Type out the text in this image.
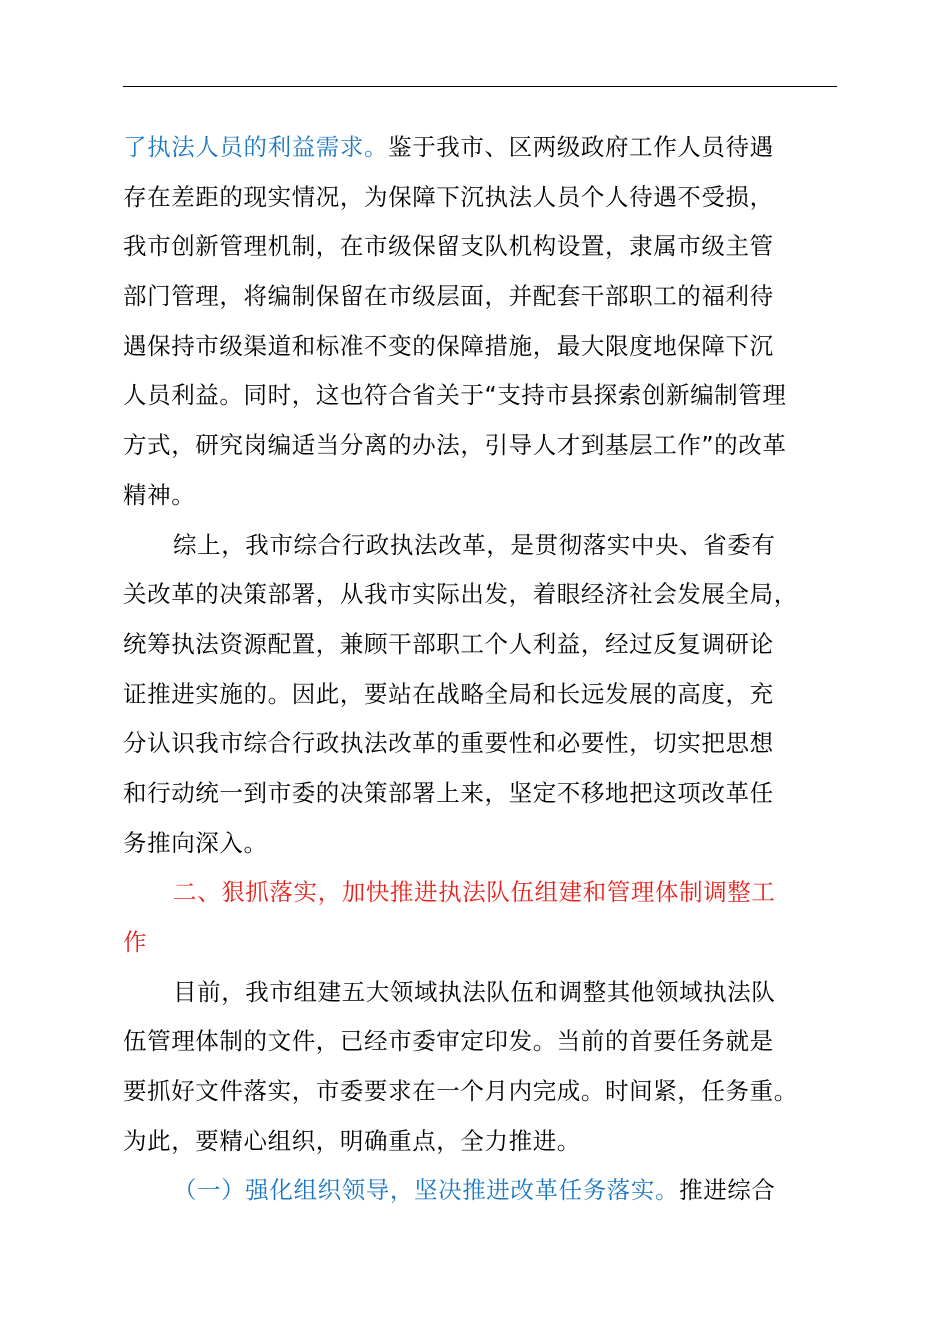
了执法人员的利益需求。鉴于我市、区两级政府工作人员待遇
存在差距的现实情况，为保障下沉执法人员个人待遇不受损，
我市创新管理机制，在市级保留支队机构设置，隶属市级主管
部门管理，将编制保留在市级层面，并配套干部职工的福利待
遇保持市级渠道和标准不变的保障措施，最大限度地保障下沉
人员利益。同时，这也符合省关于“支持市县探索创新编制管理
方式，研究岗编适当分离的办法，引导人才到基层工作”的改革
精神。
综上，我市综合行政执法改革，是贯彻落实中央、省委有
关改革的决策部署，从我市实际出发，着眼经济社会发展全局，
统筹执法资源配置，兼顾干部职工个人利益，经过反复调研论
证推进实施的。因此，要站在战略全局和长远发展的高度，充
分认识我市综合行政执法改革的重要性和必要性，切实把思想
和行动统一到市委的决策部署上来，坚定不移地把这项改革任
务推向深入。
二、狠抓落实，加快推进执法队伍组建和管理体制调整工
作
目前，我市组建五大领域执法队伍和调整其他领域执法队
伍管理体制的文件，已经市委审定印发。当前的首要任务就是
要抓好文件落实，市委要求在一个月内完成。时间紧，任务重。
为此，要精心组织，明确重点，全力推进。
（一）强化组织领导，坚决推进改革任务落实。推进综合
